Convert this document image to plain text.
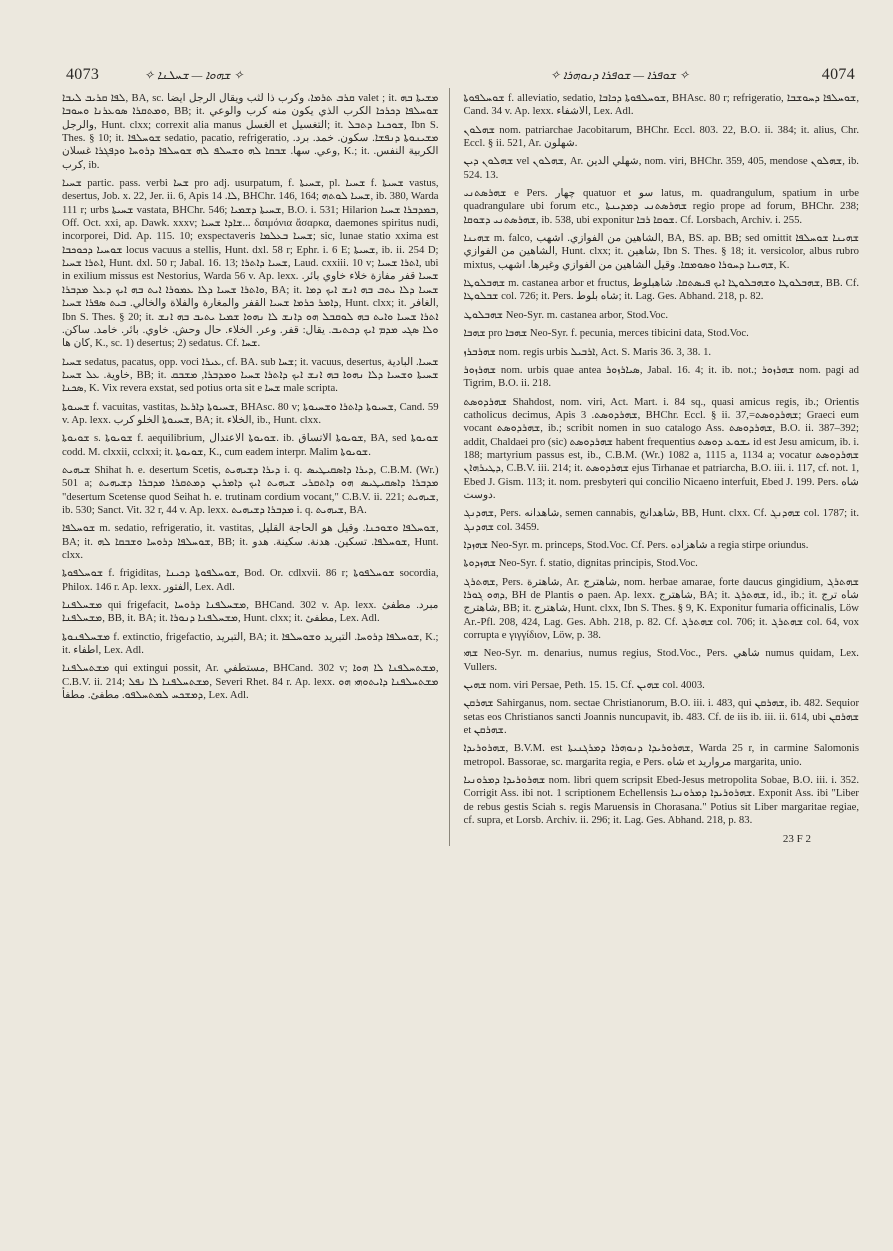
4073	✧ ܫܗܘܐ — ܫܚܠܢܐ ✧	✧ ܫܘܦܪܐ — ܫܘܦܪܐ ܕܢܘܗܪܐ ✧	4074

ܠܦܐ ܩܪܝܒ ܠܝܒܐ, BA, sc. ܩܪܒ ܬܪܡܐ، وكرب ذا لثب ويقال الرجل ايضا valet ; it. ܡܫܝܬܐ ܒܗ ܘܡܬܩܪܐ ܣܘܥܪܢܐ ܘܚܘܒܐ, BB; it. ܫܘܚܠܦܐ ܕܟܪܟܐ الكرب الذي يكون منه كرب والوعي والرجل, Hunt. clxx; correxit alia manus الغسل et التغسيل; it. ܫܘܟܢܐ ܕܬܒܠ, Ibn S. Thes. § 10; it. ܫܘܚܠܦܐ sedatio, pacatio, refrigeratio, ܡܫܝܢܘܬܐ ܕܢܦܫܐ. سكون. خمد. برد. وعي. سها. ܫܒܩܐ ܠܗ ܘܫܚܠܦ ܠܗ ܫܘܚܠܦܐ ܕܪܘܚܐ ܘܕܦܓܪܐ غسلان, K.; it. الكربية النفس. كرب, ib.

ܫܚܝܐ partic. pass. verbi ܫܚܐ pro adj. usurpatum, f. ܫܚܝܬܐ, pl. ܫܚܝܐ f. ܫܚܝܬܐ vastus, desertus, Job. x. 22, Jer. ii. 6, Apis ܠܐ. 14, BHChr. 146, 164; ܫܚܝܐ ܠܘܬܗ, ib. 380, Warda 111 r; urbs ܫܚܝܬܐ vastata, BHChr. 546; ܫܚܝܬܐ ܕܫܡܝܐ, B.O. i. 531; Hilarion ܒܡܕܒܪܐ ܫܚܝܐ, Off. Oct. xxi, ap. Dawk. xxxv; ܫܐܕܐ ܫܚܝܐ... δαιμόνια ἄσαρκα, daemones spiritus nudi, incorporei, Did. Ap. 115. 10; exspectaveris ܫܚܝܐ ܒܥܠܡܐ; sic, lunae statio xxima est ܫܘܚܝܐ ܕܟܘܟܒܐ locus vacuus a stellis, Hunt. dxl. 58 r; Ephr. i. 6 E; ܫܚܝܬܐ, ib. ii. 254 D; ܐܬܪܐ ܫܚܝܐ, Hunt. dxl. 50 r; Jabal. 16. 13; ܫܚܝܐ ܕܐܬܪܐ, Laud. cxxiii. 10 v; ܐܬܪܐ ܫܚܝܐ, ubi in exilium missus est Nestorius, Warda 56 v. Ap. lexx. ܫܚܝܐ قفر مفازة خلاء خاوي بائر. ܘܐܬܪܐ ܫܚܝܐ ܕܠܐ ܥܡܘܪܐ ܐܝܬ ܒܗ ܐܝܟ ܕܥܠ ܡܕܒܪܐ, BA; it. ܫܚܝܐ ܕܠܐ ܝܬܒ ܒܗ ܐܢܫ ܐܝܟ ܕܡܐ ܕܐܡܪ ܟܪܡܐ ܫܚܝܐ القفر والمغارة والفلاة والخالي. ܒܝܬ ܣܦܪܐ ܫܚܝܐ, Hunt. clxx; it. الغافر, Ibn S. Thes. § 20; it. ܐܬܪܐ ܫܚܝܐ ܘܐܝܬ ܒܗ ܠܘܩܒܠ ܗܘ ܕܐܢܫ ܠܐ ܢܗܘܐ ܫܡܝܐ ܝܬܝܒ ܒܗ ܐܢܫ ܘܠܐ ܣܓܝ ܡܕܡ ܐܝܟ ܕܟܬܝܒ. يقال: قفر. وعر. الخلاء. حال وحش. خاوي. بائر. خامد. ساكن. كان ها, K., sc. 1) desertus; 2) sedatus. Cf. ܫܚܐ.

ܫܚܝܐ sedatus, pacatus, opp. voci ܥܝܪܐ, cf. BA. sub ܫܚܐ; it. vacuus, desertus, ܫܚܝܐ. البادية خاوية. ܥܠ ܫܚܝܐ, BB; it. ܫܚܝܬܐ ܘܫܚܝܐ ܕܠܐ ܢܗܘܐ ܒܗ ܐܢܫ ܐܝܟ ܕܐܬܪܐ ܫܚܝܐ ܘܡܕܒܪܐ, ܡܫܒܩ ܣܟܢܐ, K. Vix revera exstat, sed potius orta sit e ܫܚܐ male scripta.

ܫܚܝܘܬܐ f. vacuitas, vastitas, ܫܚܝܘܬܐ ܕܐܪܥܐ, BHAsc. 80 v; ܫܚܝܘܬܐ ܕܐܬܪܐ ܘܫܚܝܘܬܐ, Cand. 59 v. Ap. lexx. ܫܚܝܘܬܐ الخلو كرب, BA; it. الخلاء, ib., Hunt. clxx.

ܫܘܝܘܬܐ s. ܫܘܝܘܬܐ f. aequilibrium, ܫܘܝܘܬܐ الاعتدال. ib. ܫܘܝܘܬܐ الاتساق, BA, sed ܫܘܝܘܬܐ codd. M. clxxii, cclxxi; it. ܫܘܝܘܬܐ, K., cum eadem interpr. Malim ܫܘܝܘܬܐ.

ܫܝܗܝܬ Shihat h. e. desertum Scetis, ܕܝܪܐ ܕܫܝܗܝܬ i. q. ܕܝܪܐ ܕܐܣܩܝܛܝܣ, C.B.M. (Wr.) 501 a; ܡܕܒܪܐ ܕܐܣܩܝܛܝܣ ܗܘ ܕܐܬܩܪܝ ܫܝܗܝܬ ܐܝܟ ܕܐܡܪܝܢ ܕܡܬܩܪܐ ܡܕܒܪܐ ܕܫܝܗܝܬ "desertum Scetense quod Seihat h. e. trutinam cordium vocant," C.B.V. ii. 221; ܫܝܗܝܬ, ib. 530; Sanct. Vit. 32 r, 44 v. Ap. lexx. ܡܕܒܪܐ ܕܫܝܗܝܬ i. q. ܫܝܗܝܬ, BA.

ܫܘܚܠܦܐ m. sedatio, refrigeratio, it. vastitas, ܫܘܚܠܦܐ ܘܫܘܟܢܐ. وقيل هو الحاجة القليل, BA; it. ܫܘܚܠܦܐ ܕܪܘܚܐ ܘܫܒܩܐ ܠܗ, BB; it. ܫܘܚܠܦܐ. تسكين. هدنة. سكينة. هدو, Hunt. clxx.

ܫܘܚܠܦܘܬܐ f. frigiditas, ܫܘܚܠܦܘܬܐ ܕܟܝܢܐ, Bod. Or. cdlxvii. 86 r; ܫܘܚܠܦܘܬܐ socordia, Philox. 146 r. Ap. lexx. الفتور, Lex. Adl.

ܡܫܚܠܦܢܐ qui frigefacit, ܡܫܚܠܦܢܐ ܕܪܘܚܐ, BHCand. 302 v. Ap. lexx. مبرد. مطفئ ܡܫܚܠܦܢܐ, BB, it. BA; it. ܡܫܚܠܦܢܐ ܕܢܘܪܐ, Hunt. clxx; it. مطفئ, Lex. Adl.

ܡܫܚܠܦܢܘܬܐ f. extinctio, frigefactio, التبريد, BA; it. ܫܘܚܠܦܐ ܕܪܘܚܐ. التبريد ܘܫܘܚܠܦܐ, K.; it. اطفاء, Lex. Adl.

ܡܫܬܚܠܦܢܐ qui extingui possit, Ar. مستطفي, BHCand. 302 v; ܡܫܬܚܠܦܢܐ ܠܐ ܗܘܐ, C.B.V. ii. 214; ܡܫܬܚܠܦܢܐ ܠܐ ܢܦܠ, Severi Rhet. 84 r. Ap. lexx. ܡܫܬܚܠܦܢܐ ܕܐܝܬܘܗܝ ܗܘ ܕܡܫܟܚ ܠܡܬܚܠܦܘ. مطفئ. مطفأ, Lex. Adl.

ܫܘܚܠܦܘܬܐ f. alleviatio, sedatio, ܫܘܚܠܦܘܬܐ ܕܟܐܒܐ, BHAsc. 80 r; refrigeratio, ܫܘܚܠܦܐ ܕܚܘܫܒܐ, Cand. 34 v. Ap. lexx. الاشفاء, Lex. Adl.

ܫܗܠܘܢ nom. patriarchae Jacobitarum, BHChr. Eccl. 803. 22, B.O. ii. 384; it. alius, Chr. Eccl. § ii. 521, Ar. شهلون.

ܫܗܠܘܢ ܕܝܢ vel ܫܗܠܘܢ, Ar. شهلي الدين, nom. viri, BHChr. 359, 405, mendose ܫܗܠܘܢ, ib. 524. 13.

ܫܗܪܣܬܢܝ e Pers. چهار quatuor et سو latus, m. quadrangulum, spatium in urbe quadrangulare ubi forum etc., ܫܗܪܣܬܢܝ ܕܡܕܝܢܬܐ regio prope ad forum, BHChr. 238; ܫܗܪܣܬܢܝ ܕܫܘܩܐ, ib. 538, ubi exponitur ܫܘܩܐ ܪܒܐ. Cf. Lorsbach, Archiv. i. 255.

ܫܗܝܢܐ m. falco, الشاهين من الفوازي. اشهب, BA, BS. ap. BB; sed omittit ܫܗܝܢܐ ܫܘܚܠܦܐ الشاهين من الفوازي, Hunt. clxx; it. شاهين, Ibn S. Thes. § 18; it. versicolor, albus rubro mixtus, ܫܗܝܢܐ ܕܚܘܪܐ ܘܣܘܡܩܐ. وقيل الشاهين من الفوازي وغيرها. اشهب, K.

ܫܗܒܠܘܛܐ m. castanea arbor et fructus, ܫܗܒܠܘܛܐ ܘܫܗܒܠܘܛܐ ܐܝܟ ܦܝܣܬܩܐ. شاهبلوط, BB. Cf. ܫܒܠܘܛܐ col. 726; it. Pers. شاه بلوط; it. Lag. Ges. Abhand. 218, p. 82.

ܫܗܒܠܘܛ Neo-Syr. m. castanea arbor, Stod.Voc.

ܫܗܒܐ pro ܫܗܒܐ Neo-Syr. f. pecunia, merces tibicini data, Stod.Voc.

ܫܗܪܒܪܙ nom. regis urbis ܐܪܒܝܠ, Act. S. Maris 36. 3, 38. 1.

ܫܗܪܙܘܪ nom. urbis quae antea ܣܝܐܪܙܘܪ, Jabal. 16. 4; it. ib. not.; ܫܗܪܙܘܪ nom. pagi ad Tigrim, B.O. ii. 218.

ܫܗܪܕܘܣܬ Shahdost, nom. viri, Act. Mart. i. 84 sq., quasi amicus regis, ib.; Orientis catholicus decimus, Apis ܫܗܪܕܘܣܬ. 3, BHChr. Eccl. § ii. 37,=ܫܗܪܕܘܣܬ; Graeci eum vocant ܫܗܪܕܘܣܬ, ib.; scribit nomen in suo catalogo Ass. ܫܗܪܕܘܣܬ, B.O. ii. 387–392; addit, Chaldaei pro (sic) ܫܗܪܕܘܣܬ habent frequentius ܝܫܘܥ ܕܘܣܬ id est Jesu amicum, ib. i. 188; martyrium passus est, ib., C.B.M. (Wr.) 1082 a, 1115 a, 1134 a; vocatur ܫܗܪܕܘܣܬ ܕܛܝܪܗܐܢ, C.B.V. iii. 214; it. ܫܗܪܕܘܣܬ ejus Tirhanae et patriarcha, B.O. iii. i. 117, cf. not. 1, Ebed J. Gism. 113; it. nom. presbyteri qui concilio Nicaeno interfuit, Ebed J. 199. Pers. شاه دوست.

ܫܗܕܢܓ, Pers. شاهدانه, semen cannabis, شاهدانج, BB, Hunt. clxx. Cf. ܫܗܕܢܓ col. 1787; it. ܫܗܕܢܓ col. 3459.

ܫܗܙܕܐ Neo-Syr. m. princeps, Stod.Voc. Cf. Pers. شاهزاده a regia stirpe oriundus.

ܫܗܙܕܘܬܐ Neo-Syr. f. statio, dignitas principis, Stod.Voc.

ܫܗܬܪܓ, Pers. شاهترة, Ar. شاهترج, nom. herbae amarae, forte daucus gingidium, ܫܗܬܪܓ ܕܗܘ ܓܘܪܐ, BH de Plantis ܘ paen. Ap. lexx. شاهترج, BA; it. ܫܗܬܪܓ, id., ib.; it. شاه ترج شاهترج, BB; it. شاهترج, Hunt. clxx, Ibn S. Thes. § 9, K. Exponitur fumaria officinalis, Löw Ar.-Pfl. 208, 424, Lag. Ges. Abh. 218, p. 82. Cf. ܫܗܬܪܓ col. 706; it. ܫܗܬܪܓ col. 64, vox corrupta e γιγγίδιον, Löw, p. 38.

ܫܗܝ Neo-Syr. m. denarius, numus regius, Stod.Voc., Pers. شاهي numus quidam, Lex. Vullers.

ܫܗܝܢ nom. viri Persae, Peth. 15. 15. Cf. ܫܗܝܢ col. 4003.

ܫܗܪܩܢ Sahirganus, nom. sectae Christianorum, B.O. iii. i. 483, qui ܫܗܪܩܢ, ib. 482. Sequior setas eos Christianos sancti Joannis nuncupavit, ib. 483. Cf. de iis ib. iii. ii. 614, ubi ܫܗܪܩܢ et ܫܗܪܩܢ.

ܫܗܪܘܪܝܕܐ, B.V.M. est ܫܗܪܘܪܝܕܐ ܕܢܘܗܪܐ ܕܡܪܓܢܝܬܐ, Warda 25 r, in carmine Salomonis metropol. Bassorae, sc. margarita regia, e Pers. شاه et مرواريد margarita, unio.

ܫܗܪܘܪܝܕܐ ܕܡܪܘܢܝܐ nom. libri quem scripsit Ebed-Jesus metropolita Sobae, B.O. iii. i. 352. Corrigit Ass. ibi not. 1 scriptionem Echellensis ܫܗܪܘܪܝܕܐ ܕܡܪܘܢܝܐ. Exponit Ass. ibi "Liber de rebus gestis Sciah s. regis Maruensis in Chorasana." Potius sit Liber margaritae regiae, cf. supra, et Lorsb. Archiv. ii. 296; it. Lag. Ges. Abhand. 218, p. 83.

23 F 2
